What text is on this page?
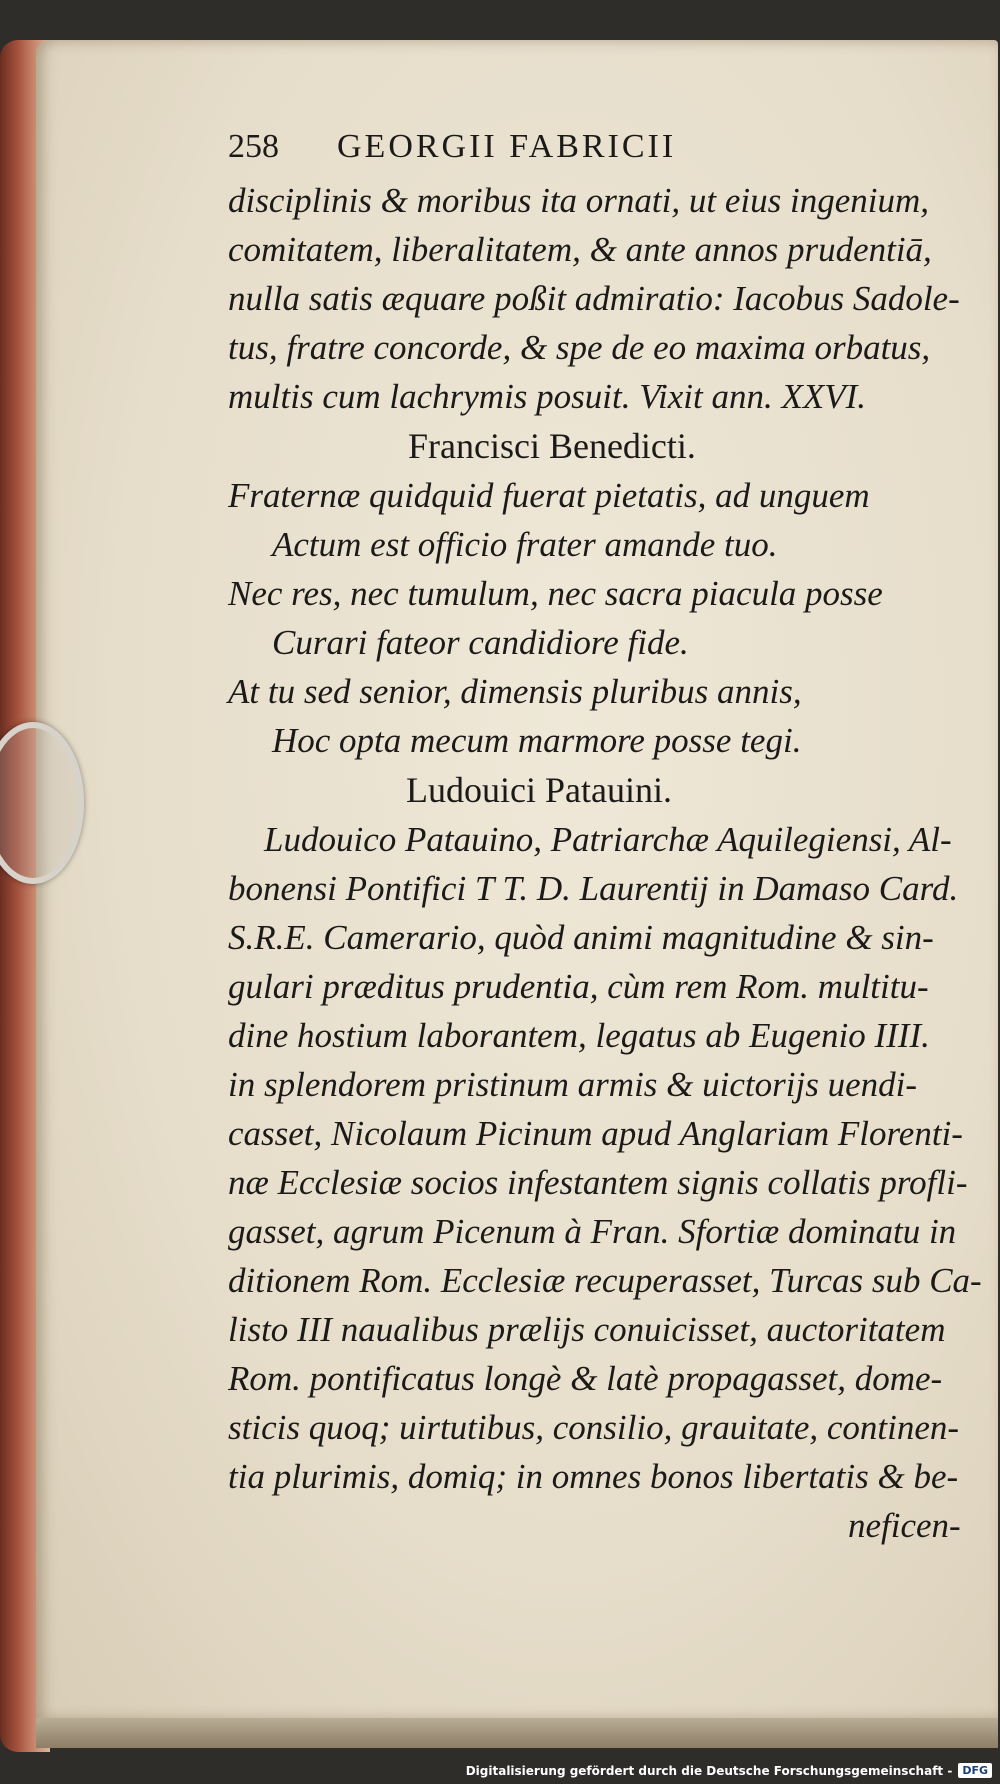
258 GEORGII FABRICII
disciplinis & moribus ita ornati, ut eius ingenium,
comitatem, liberalitatem, & ante annos prudentiā,
nulla satis æquare poßit admiratio: Iacobus Sadole-
tus, fratre concorde, & spe de eo maxima orbatus,
multis cum lachrymis posuit. Vixit ann. XXVI.
Francisci Benedicti.
Fraternæ quidquid fuerat pietatis, ad unguem
Actum est officio frater amande tuo.
Nec res, nec tumulum, nec sacra piacula posse
Curari fateor candidiore fide.
At tu sed senior, dimensis pluribus annis,
Hoc opta mecum marmore posse tegi.
Ludouici Patauini.
Ludouico Patauino, Patriarchæ Aquilegiensi, Al-
bonensi Pontifici T T. D. Laurentij in Damaso Card.
S.R.E. Camerario, quòd animi magnitudine & sin-
gulari præditus prudentia, cùm rem Rom. multitu-
dine hostium laborantem, legatus ab Eugenio IIII.
in splendorem pristinum armis & uictorijs uendi-
casset, Nicolaum Picinum apud Anglariam Florenti-
næ Ecclesiæ socios infestantem signis collatis profli-
gasset, agrum Picenum à Fran. Sfortiæ dominatu in
ditionem Rom. Ecclesiæ recuperasset, Turcas sub Ca-
listo III naualibus prælijs conuicisset, auctoritatem
Rom. pontificatus longè & latè propagasset, dome-
sticis quoq; uirtutibus, consilio, grauitate, continen-
tia plurimis, domiq; in omnes bonos libertatis & be-
neficen-
Digitalisierung gefördert durch die Deutsche Forschungsgemeinschaft - DFG
